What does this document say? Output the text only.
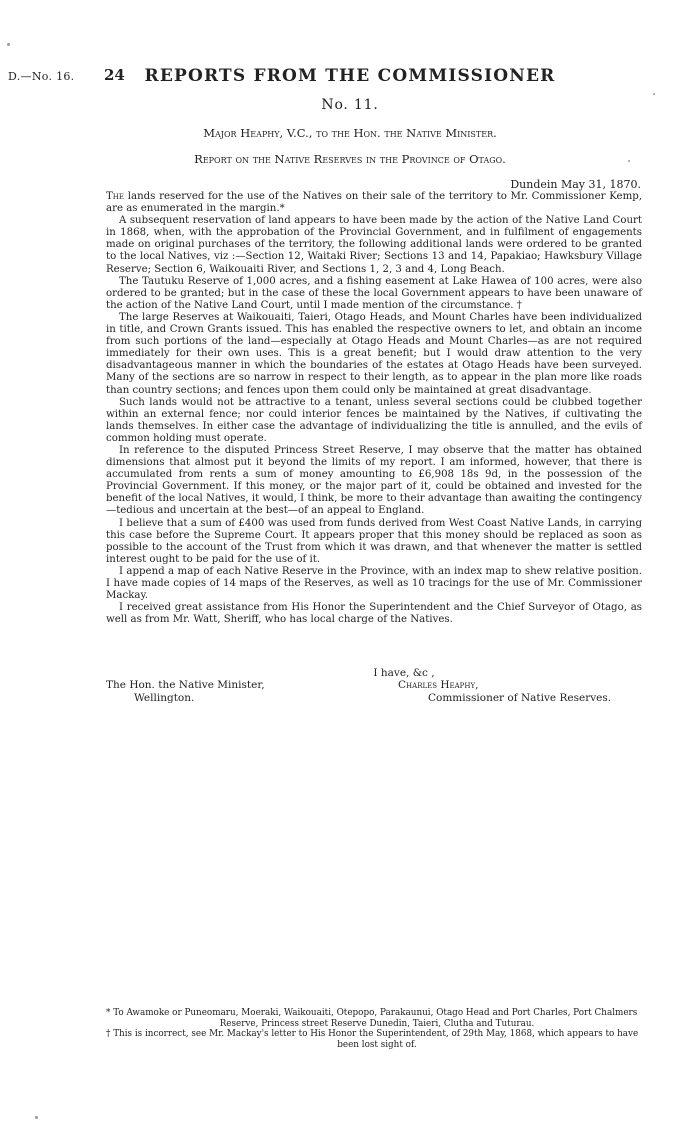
D.—No. 16.	REPORTS FROM THE COMMISSIONER
24
No. 11.
Major Heaphy, V.C., to the Hon. the Native Minister.
Report on the Native Reserves in the Province of Otago.
Dundein May 31, 1870.

The lands reserved for the use of the Natives on their sale of the territory to Mr. Commissioner Kemp, are as enumerated in the margin.*

A subsequent reservation of land appears to have been made by the action of the Native Land Court in 1868, when, with the approbation of the Provincial Government, and in fulfilment of engagements made on original purchases of the territory, the following additional lands were ordered to be granted to the local Natives, viz :—Section 12, Waitaki River; Sections 13 and 14, Papakiao; Hawksbury Village Reserve; Section 6, Waikouaiti River, and Sections 1, 2, 3 and 4, Long Beach.

The Tautuku Reserve of 1,000 acres, and a fishing easement at Lake Hawea of 100 acres, were also ordered to be granted; but in the case of these the local Government appears to have been unaware of the action of the Native Land Court, until I made mention of the circumstance. †

The large Reserves at Waikouaiti, Taieri, Otago Heads, and Mount Charles have been individualized in title, and Crown Grants issued. This has enabled the respective owners to let, and obtain an income from such portions of the land—especially at Otago Heads and Mount Charles—as are not required immediately for their own uses. This is a great benefit; but I would draw attention to the very disadvantageous manner in which the boundaries of the estates at Otago Heads have been surveyed. Many of the sections are so narrow in respect to their length, as to appear in the plan more like roads than country sections; and fences upon them could only be maintained at great disadvantage.

Such lands would not be attractive to a tenant, unless several sections could be clubbed together within an external fence; nor could interior fences be maintained by the Natives, if cultivating the lands themselves. In either case the advantage of individualizing the title is annulled, and the evils of common holding must operate.

In reference to the disputed Princess Street Reserve, I may observe that the matter has obtained dimensions that almost put it beyond the limits of my report. I am informed, however, that there is accumulated from rents a sum of money amounting to £6,908 18s 9d, in the possession of the Provincial Government. If this money, or the major part of it, could be obtained and invested for the benefit of the local Natives, it would, I think, be more to their advantage than awaiting the contingency—tedious and uncertain at the best—of an appeal to England.

I believe that a sum of £400 was used from funds derived from West Coast Native Lands, in carrying this case before the Supreme Court. It appears proper that this money should be replaced as soon as possible to the account of the Trust from which it was drawn, and that whenever the matter is settled interest ought to be paid for the use of it.

I append a map of each Native Reserve in the Province, with an index map to shew relative position. I have made copies of 14 maps of the Reserves, as well as 10 tracings for the use of Mr. Commissioner Mackay.

I received great assistance from His Honor the Superintendent and the Chief Surveyor of Otago, as well as from Mr. Watt, Sheriff, who has local charge of the Natives.

I have, &c ,
The Hon. the Native Minister,	Charles Heaphy,
Wellington.	Commissioner of Native Reserves.

* To Awamoke or Puneomaru, Moeraki, Waikouaiti, Otepopo, Parakaunui, Otago Head and Port Charles, Port Chalmers

Reserve, Princess street Reserve Dunedin, Taieri, Clutha and Tuturau.

† This is incorrect, see Mr. Mackay's letter to His Honor the Superintendent, of 29th May, 1868, which appears to have

been lost sight of.
